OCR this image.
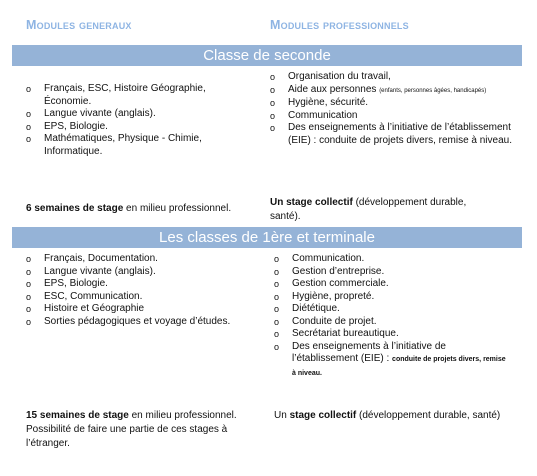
Modules generaux	Modules professionnels
Classe de seconde
o Français, ESC, Histoire Géographie, Économie.
o Langue vivante (anglais).
o EPS, Biologie.
o Mathématiques, Physique - Chimie, Informatique.
o Organisation du travail,
o Aide aux personnes (enfants, personnes âgées, handicapés)
o Hygiène, sécurité.
o Communication
o Des enseignements à l’initiative de l’établissement (EIE) : conduite de projets divers, remise à niveau.
6 semaines de stage en milieu professionnel.
Un stage collectif (développement durable, santé).
Les classes de 1ère et terminale
o Français, Documentation.
o Langue vivante (anglais).
o EPS, Biologie.
o ESC, Communication.
o Histoire et Géographie
o Sorties pédagogiques et voyage d’études.
o Communication.
o Gestion d’entreprise.
o Gestion commerciale.
o Hygiène, propreté.
o Diététique.
o Conduite de projet.
o Secrétariat bureautique.
o Des enseignements à l’initiative de l’établissement (EIE) : conduite de projets divers, remise à niveau.
15 semaines de stage en milieu professionnel. Possibilité de faire une partie de ces stages à l’étranger.
Un stage collectif (développement durable, santé)
